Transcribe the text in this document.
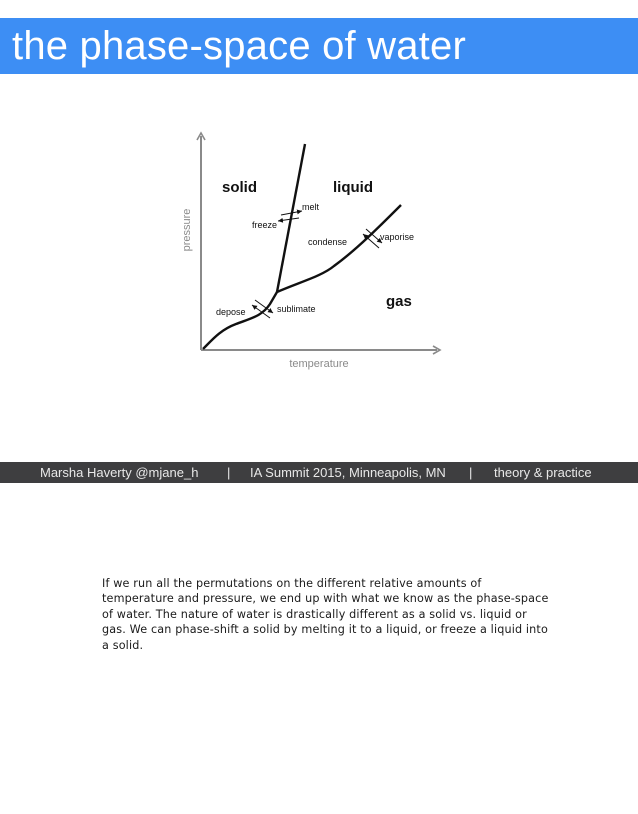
the phase-space of water
pressure
temperature
solid	liquid
gas
melt
freeze
condense	vaporise
depose	sublimate
Marsha Haverty @mjane_h | IA Summit 2015, Minneapolis, MN | theory & practice
If we run all the permutations on the different relative amounts of temperature and pressure, we end up with what we know as the phase-space of water. The nature of water is drastically different as a solid vs. liquid or gas. We can phase-shift a solid by melting it to a liquid, or freeze a liquid into a solid.
